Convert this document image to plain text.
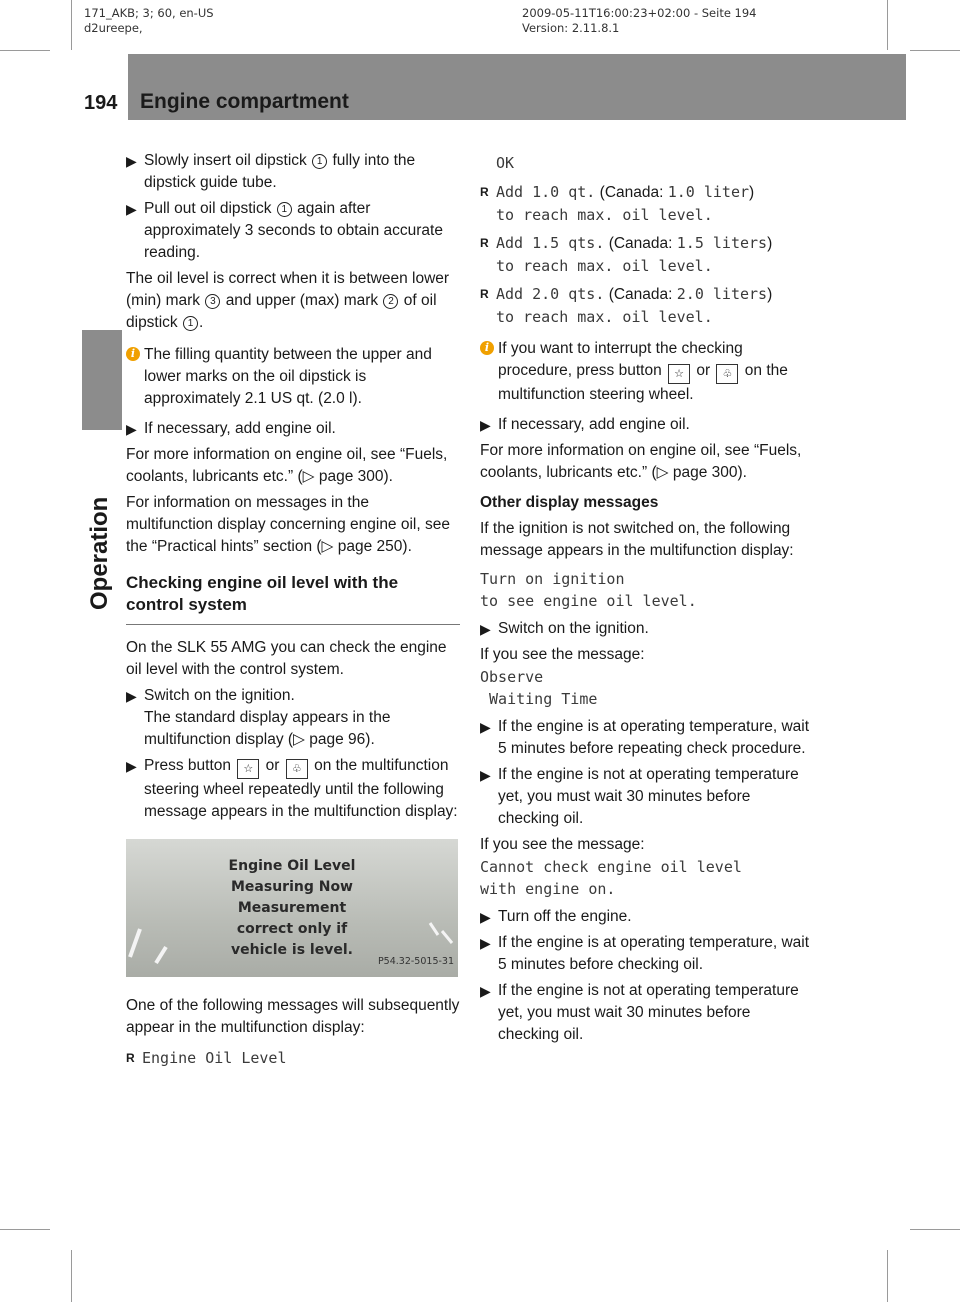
171_AKB; 3; 60, en-US
d2ureepe,
2009-05-11T16:00:23+02:00 - Seite 194
Version: 2.11.8.1
194 Engine compartment
Operation
▶ Slowly insert oil dipstick 1 fully into the dipstick guide tube.
▶ Pull out oil dipstick 1 again after approximately 3 seconds to obtain accurate reading.
The oil level is correct when it is between lower (min) mark 3 and upper (max) mark 2 of oil dipstick 1 .
i The filling quantity between the upper and lower marks on the oil dipstick is approximately 2.1 US qt. (2.0 l).
▶ If necessary, add engine oil.
For more information on engine oil, see “Fuels, coolants, lubricants etc.” (▷ page 300).
For information on messages in the multifunction display concerning engine oil, see the “Practical hints” section (▷ page 250).
Checking engine oil level with the control system
On the SLK 55 AMG you can check the engine oil level with the control system.
▶ Switch on the ignition.
The standard display appears in the multifunction display (▷ page 96).
▶ Press button ☆ or ♧ on the multifunction steering wheel repeatedly until the following message appears in the multifunction display:
Engine Oil Level
Measuring Now
Measurement
correct only if
vehicle is level.
P54.32-5015-31
One of the following messages will subsequently appear in the multifunction display:
R Engine Oil Level
OK
R Add 1.0 qt. (Canada: 1.0 liter)
to reach max. oil level.
R Add 1.5 qts. (Canada: 1.5 liters)
to reach max. oil level.
R Add 2.0 qts. (Canada: 2.0 liters)
to reach max. oil level.
i If you want to interrupt the checking procedure, press button ☆ or ♧ on the multifunction steering wheel.
▶ If necessary, add engine oil.
For more information on engine oil, see “Fuels, coolants, lubricants etc.” (▷ page 300).
Other display messages
If the ignition is not switched on, the following message appears in the multifunction display:
Turn on ignition
to see engine oil level.
▶ Switch on the ignition.
If you see the message:
Observe
Waiting Time
▶ If the engine is at operating temperature, wait 5 minutes before repeating check procedure.
▶ If the engine is not at operating temperature yet, you must wait 30 minutes before checking oil.
If you see the message:
Cannot check engine oil level
with engine on.
▶ Turn off the engine.
▶ If the engine is at operating temperature, wait 5 minutes before checking oil.
▶ If the engine is not at operating temperature yet, you must wait 30 minutes before checking oil.
